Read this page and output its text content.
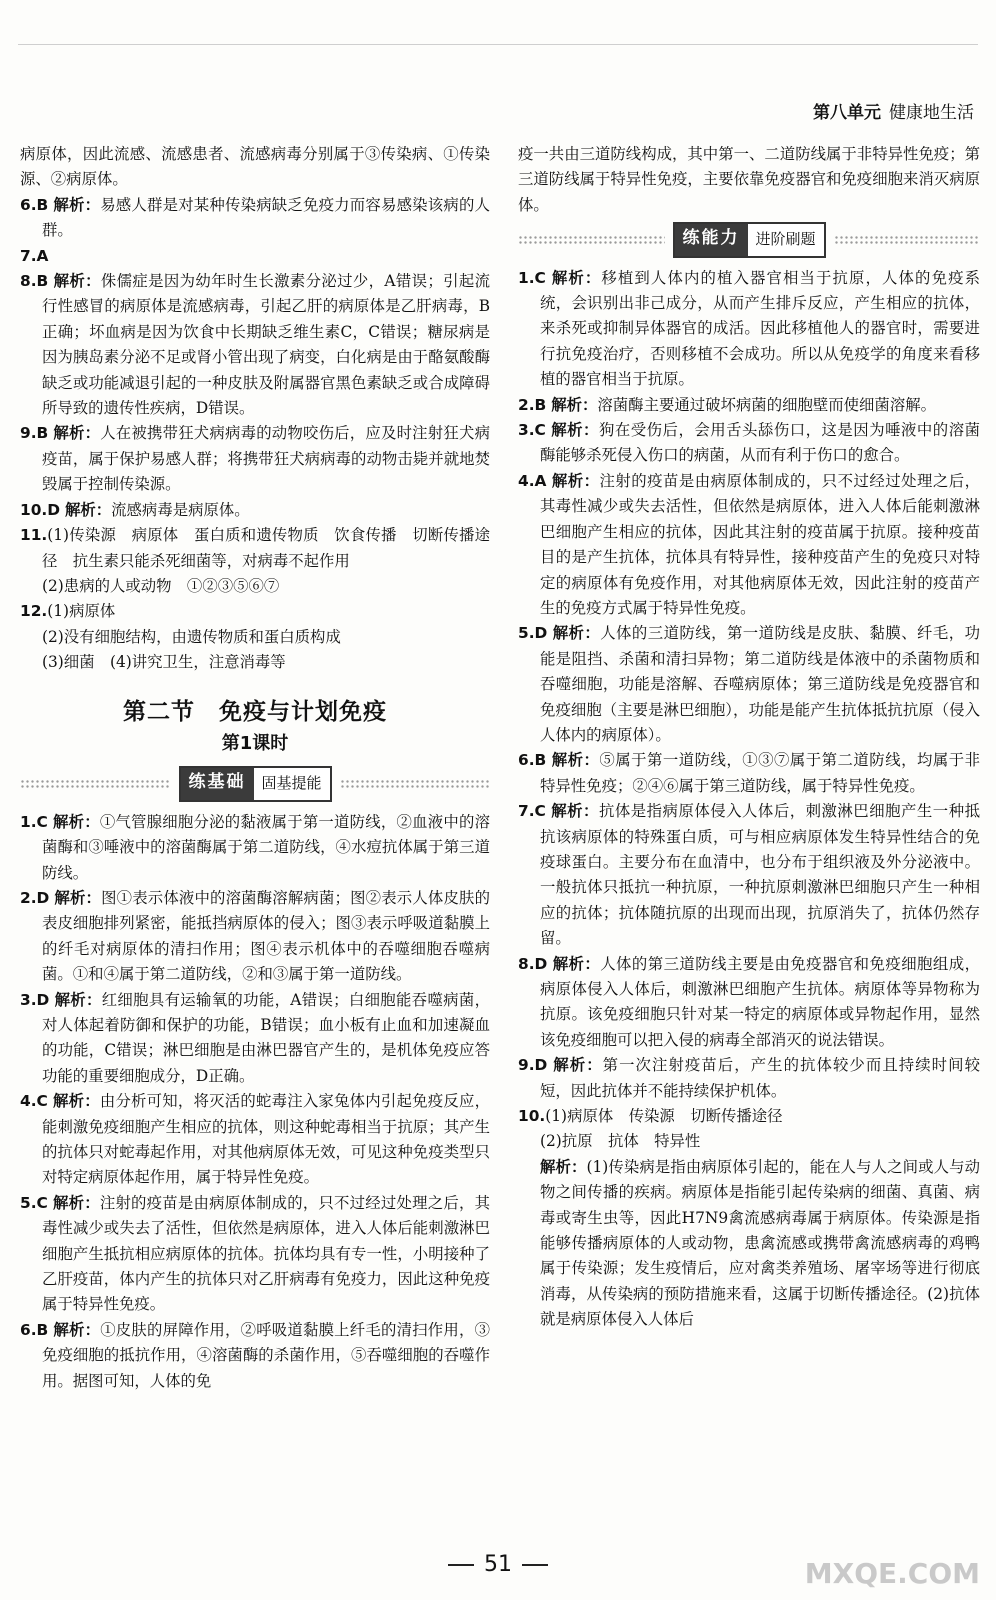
第八单元 健康地生活

病原体，因此流感、流感患者、流感病毒分别属于③传染病、①传染源、②病原体。

6.B 解析：易感人群是对某种传染病缺乏免疫力而容易感染该病的人群。

7.A

8.B 解析：侏儒症是因为幼年时生长激素分泌过少，A错误；引起流行性感冒的病原体是流感病毒，引起乙肝的病原体是乙肝病毒，B正确；坏血病是因为饮食中长期缺乏维生素C，C错误；糖尿病是因为胰岛素分泌不足或肾小管出现了病变，白化病是由于酪氨酸酶缺乏或功能减退引起的一种皮肤及附属器官黑色素缺乏或合成障碍所导致的遗传性疾病，D错误。

9.B 解析：人在被携带狂犬病病毒的动物咬伤后，应及时注射狂犬病疫苗，属于保护易感人群；将携带狂犬病病毒的动物击毙并就地焚毁属于控制传染源。

10.D 解析：流感病毒是病原体。

11.(1)传染源　病原体　蛋白质和遗传物质　饮食传播　切断传播途径　抗生素只能杀死细菌等，对病毒不起作用

(2)患病的人或动物　①②③⑤⑥⑦

12.(1)病原体

(2)没有细胞结构，由遗传物质和蛋白质构成

(3)细菌　(4)讲究卫生，注意消毒等

第二节　免疫与计划免疫
第1课时
练基础	固基提能

1.C 解析：①气管腺细胞分泌的黏液属于第一道防线，②血液中的溶菌酶和③唾液中的溶菌酶属于第二道防线，④水痘抗体属于第三道防线。

2.D 解析：图①表示体液中的溶菌酶溶解病菌；图②表示人体皮肤的表皮细胞排列紧密，能抵挡病原体的侵入；图③表示呼吸道黏膜上的纤毛对病原体的清扫作用；图④表示机体中的吞噬细胞吞噬病菌。①和④属于第二道防线，②和③属于第一道防线。

3.D 解析：红细胞具有运输氧的功能，A错误；白细胞能吞噬病菌，对人体起着防御和保护的功能，B错误；血小板有止血和加速凝血的功能，C错误；淋巴细胞是由淋巴器官产生的，是机体免疫应答功能的重要细胞成分，D正确。

4.C 解析：由分析可知，将灭活的蛇毒注入家兔体内引起免疫反应，能刺激免疫细胞产生相应的抗体，则这种蛇毒相当于抗原；其产生的抗体只对蛇毒起作用，对其他病原体无效，可见这种免疫类型只对特定病原体起作用，属于特异性免疫。

5.C 解析：注射的疫苗是由病原体制成的，只不过经过处理之后，其毒性减少或失去了活性，但依然是病原体，进入人体后能刺激淋巴细胞产生抵抗相应病原体的抗体。抗体均具有专一性，小明接种了乙肝疫苗，体内产生的抗体只对乙肝病毒有免疫力，因此这种免疫属于特异性免疫。

6.B 解析：①皮肤的屏障作用，②呼吸道黏膜上纤毛的清扫作用，③免疫细胞的抵抗作用，④溶菌酶的杀菌作用，⑤吞噬细胞的吞噬作用。据图可知，人体的免

疫一共由三道防线构成，其中第一、二道防线属于非特异性免疫；第三道防线属于特异性免疫，主要依靠免疫器官和免疫细胞来消灭病原体。

练能力	进阶刷题

1.C 解析：移植到人体内的植入器官相当于抗原，人体的免疫系统，会识别出非己成分，从而产生排斥反应，产生相应的抗体，来杀死或抑制异体器官的成活。因此移植他人的器官时，需要进行抗免疫治疗，否则移植不会成功。所以从免疫学的角度来看移植的器官相当于抗原。

2.B 解析：溶菌酶主要通过破坏病菌的细胞壁而使细菌溶解。

3.C 解析：狗在受伤后，会用舌头舔伤口，这是因为唾液中的溶菌酶能够杀死侵入伤口的病菌，从而有利于伤口的愈合。

4.A 解析：注射的疫苗是由病原体制成的，只不过经过处理之后，其毒性减少或失去活性，但依然是病原体，进入人体后能刺激淋巴细胞产生相应的抗体，因此其注射的疫苗属于抗原。接种疫苗目的是产生抗体，抗体具有特异性，接种疫苗产生的免疫只对特定的病原体有免疫作用，对其他病原体无效，因此注射的疫苗产生的免疫方式属于特异性免疫。

5.D 解析：人体的三道防线，第一道防线是皮肤、黏膜、纤毛，功能是阻挡、杀菌和清扫异物；第二道防线是体液中的杀菌物质和吞噬细胞，功能是溶解、吞噬病原体；第三道防线是免疫器官和免疫细胞（主要是淋巴细胞），功能是能产生抗体抵抗抗原（侵入人体内的病原体）。

6.B 解析：⑤属于第一道防线，①③⑦属于第二道防线，均属于非特异性免疫；②④⑥属于第三道防线，属于特异性免疫。

7.C 解析：抗体是指病原体侵入人体后，刺激淋巴细胞产生一种抵抗该病原体的特殊蛋白质，可与相应病原体发生特异性结合的免疫球蛋白。主要分布在血清中，也分布于组织液及外分泌液中。一般抗体只抵抗一种抗原，一种抗原刺激淋巴细胞只产生一种相应的抗体；抗体随抗原的出现而出现，抗原消失了，抗体仍然存留。

8.D 解析：人体的第三道防线主要是由免疫器官和免疫细胞组成，病原体侵入人体后，刺激淋巴细胞产生抗体。病原体等异物称为抗原。该免疫细胞只针对某一特定的病原体或异物起作用，显然该免疫细胞可以把入侵的病毒全部消灭的说法错误。

9.D 解析：第一次注射疫苗后，产生的抗体较少而且持续时间较短，因此抗体并不能持续保护机体。

10.(1)病原体　传染源　切断传播途径

(2)抗原　抗体　特异性

解析：(1)传染病是指由病原体引起的，能在人与人之间或人与动物之间传播的疾病。病原体是指能引起传染病的细菌、真菌、病毒或寄生虫等，因此H7N9禽流感病毒属于病原体。传染源是指能够传播病原体的人或动物，患禽流感或携带禽流感病毒的鸡鸭属于传染源；发生疫情后，应对禽类养殖场、屠宰场等进行彻底消毒，从传染病的预防措施来看，这属于切断传播途径。(2)抗体就是病原体侵入人体后

51	MXQE.COM
